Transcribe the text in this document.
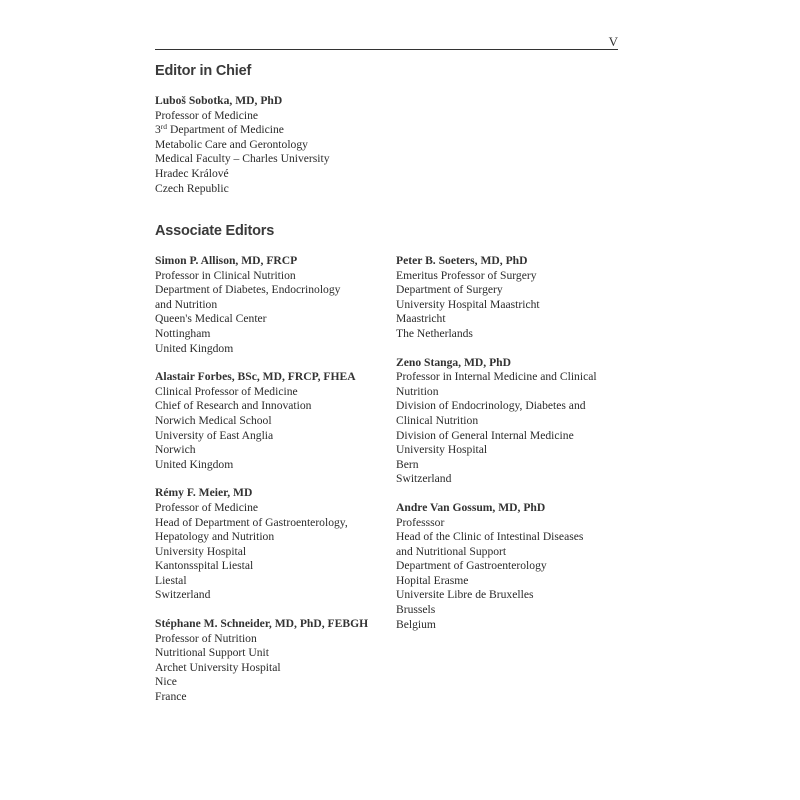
V
Editor in Chief
Luboš Sobotka, MD, PhD
Professor of Medicine
3rd Department of Medicine
Metabolic Care and Gerontology
Medical Faculty – Charles University
Hradec Králové
Czech Republic
Associate Editors
Simon P. Allison, MD, FRCP
Professor in Clinical Nutrition
Department of Diabetes, Endocrinology
and Nutrition
Queen's Medical Center
Nottingham
United Kingdom
Alastair Forbes, BSc, MD, FRCP, FHEA
Clinical Professor of Medicine
Chief of Research and Innovation
Norwich Medical School
University of East Anglia
Norwich
United Kingdom
Rémy F. Meier, MD
Professor of Medicine
Head of Department of Gastroenterology,
Hepatology and Nutrition
University Hospital
Kantonsspital Liestal
Liestal
Switzerland
Stéphane M. Schneider, MD, PhD, FEBGH
Professor of Nutrition
Nutritional Support Unit
Archet University Hospital
Nice
France
Peter B. Soeters, MD, PhD
Emeritus Professor of Surgery
Department of Surgery
University Hospital Maastricht
Maastricht
The Netherlands
Zeno Stanga, MD, PhD
Professor in Internal Medicine and Clinical
Nutrition
Division of Endocrinology, Diabetes and
Clinical Nutrition
Division of General Internal Medicine
University Hospital
Bern
Switzerland
Andre Van Gossum, MD, PhD
Professsor
Head of the Clinic of Intestinal Diseases
and Nutritional Support
Department of Gastroenterology
Hopital Erasme
Universite Libre de Bruxelles
Brussels
Belgium
